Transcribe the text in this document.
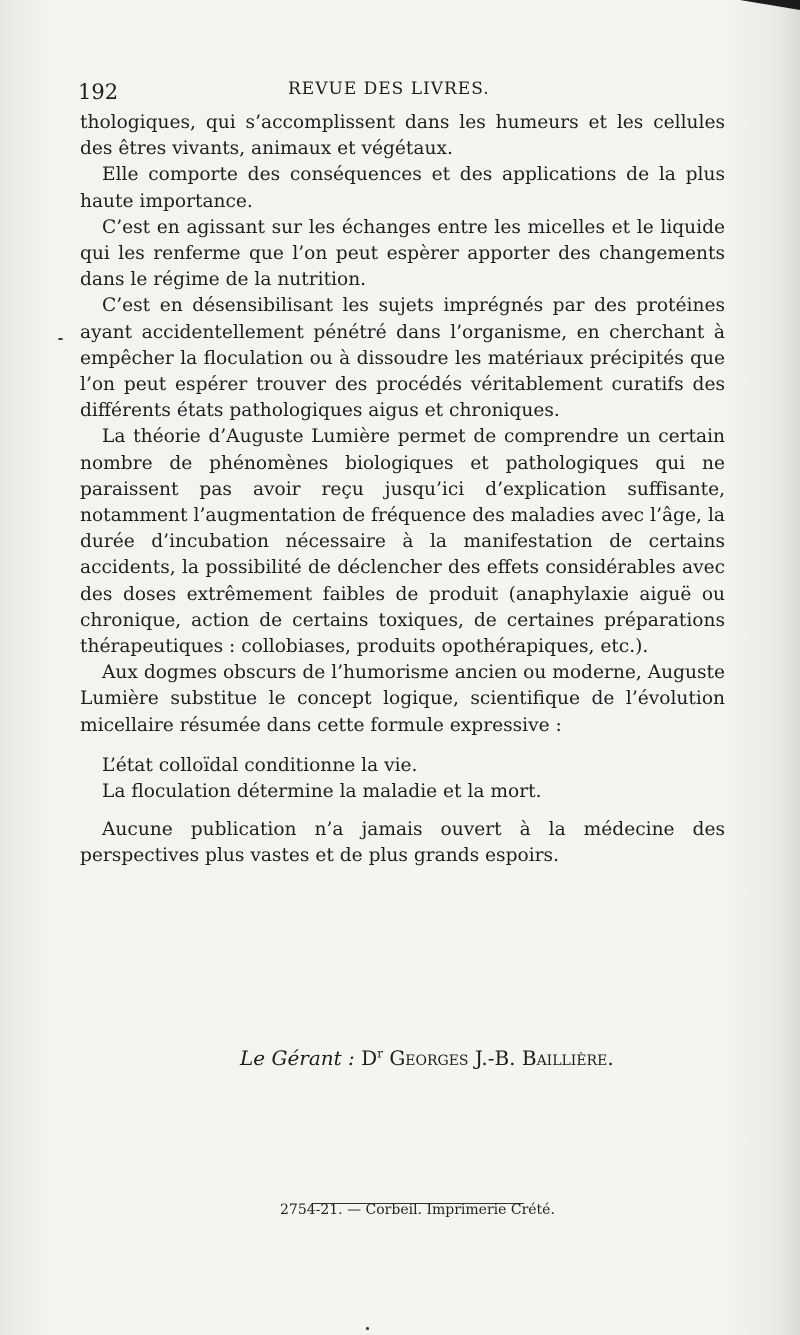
192	REVUE DES LIVRES.

thologiques, qui s’accomplissent dans les humeurs et les cellules des êtres vivants, animaux et végétaux.

Elle comporte des conséquences et des applications de la plus haute importance.

C’est en agissant sur les échanges entre les micelles et le liquide qui les renferme que l’on peut espèrer apporter des changements dans le régime de la nutrition.

C’est en désensibilisant les sujets imprégnés par des protéines ayant accidentellement pénétré dans l’organisme, en cherchant à empêcher la floculation ou à dissoudre les matériaux précipités que l’on peut espérer trouver des procédés véritablement curatifs des différents états pathologiques aigus et chroniques.

La théorie d’Auguste Lumière permet de comprendre un certain nombre de phénomènes biologiques et pathologiques qui ne paraissent pas avoir reçu jusqu’ici d’explication suffisante, notamment l’augmentation de fréquence des maladies avec l’âge, la durée d’incubation nécessaire à la manifestation de certains accidents, la possibilité de déclencher des effets considérables avec des doses extrêmement faibles de produit (anaphylaxie aiguë ou chronique, action de certains toxiques, de certaines préparations thérapeutiques : collobiases, produits opothérapiques, etc.).

Aux dogmes obscurs de l’humorisme ancien ou moderne, Auguste Lumière substitue le concept logique, scientifique de l’évolution micellaire résumée dans cette formule expressive :

L’état colloïdal conditionne la vie.
La floculation détermine la maladie et la mort.

Aucune publication n’a jamais ouvert à la médecine des perspectives plus vastes et de plus grands espoirs.

Le Gérant : $D^r$ Georges J.-B. Baillière.
2754-21. — Corbeil. Imprimerie Crété.
